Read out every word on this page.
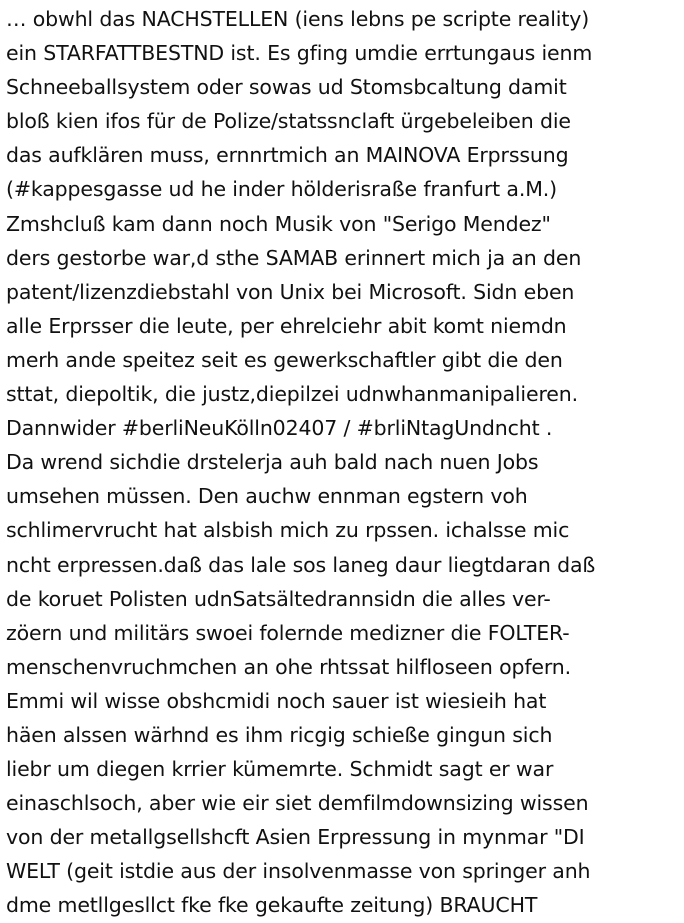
… obwhl das NACHSTELLEN (iens lebns pe scripte reality)
ein STARFATTBESTND ist. Es gfing umdie errtungaus ienm
Schneeballsystem oder sowas ud Stomsbcaltung damit
bloß kien ifos für de Polize/statssnclaft ürgebeleiben die
das aufklären muss, ernnrtmich an MAINOVA Erprssung
(#kappesgasse ud he inder hölderisraße franfurt a.M.)
Zmshcluß kam dann noch Musik von "Serigo Mendez"
ders gestorbe war,d sthe SAMAB erinnert mich ja an den
patent/lizenzdiebstahl von Unix bei Microsoft. Sidn eben
alle Erprsser die leute, per ehrelciehr abit komt niemdn
merh ande speitez seit es gewerkschaftler gibt die den
sttat, diepoltik, die justz,diepilzei udnwhanmanipalieren.
Dannwider #berliNeuKölln02407 / #brliNtagUndncht .
Da wrend sichdie drstelerja auh bald nach nuen Jobs
umsehen müssen. Den auchw ennman egstern voh
schlimervrucht hat alsbish mich zu rpssen. ichalsse mic
ncht erpressen.daß das lale sos laneg daur liegtdaran daß
de koruet Polisten udnSatsältedrannsidn die alles ver-
zöern und militärs swoei folernde medizner die FOLTER-
menschenvruchmchen an ohe rhtssat hilfloseen opfern.
Emmi wil wisse obshcmidi noch sauer ist wiesieih hat
häen alssen wärhnd es ihm ricgig schieße gingun sich
liebr um diegen krrier kümemrte. Schmidt sagt er war
einaschlsoch, aber wie eir siet demfilmdownsizing wissen
von der metallgsellshcft Asien Erpressung in mynmar "DI
WELT (geit istdie aus der insolvenmasse von springer anh
dme metllgesllct fke fke gekaufte zeitung) BRAUCHT
